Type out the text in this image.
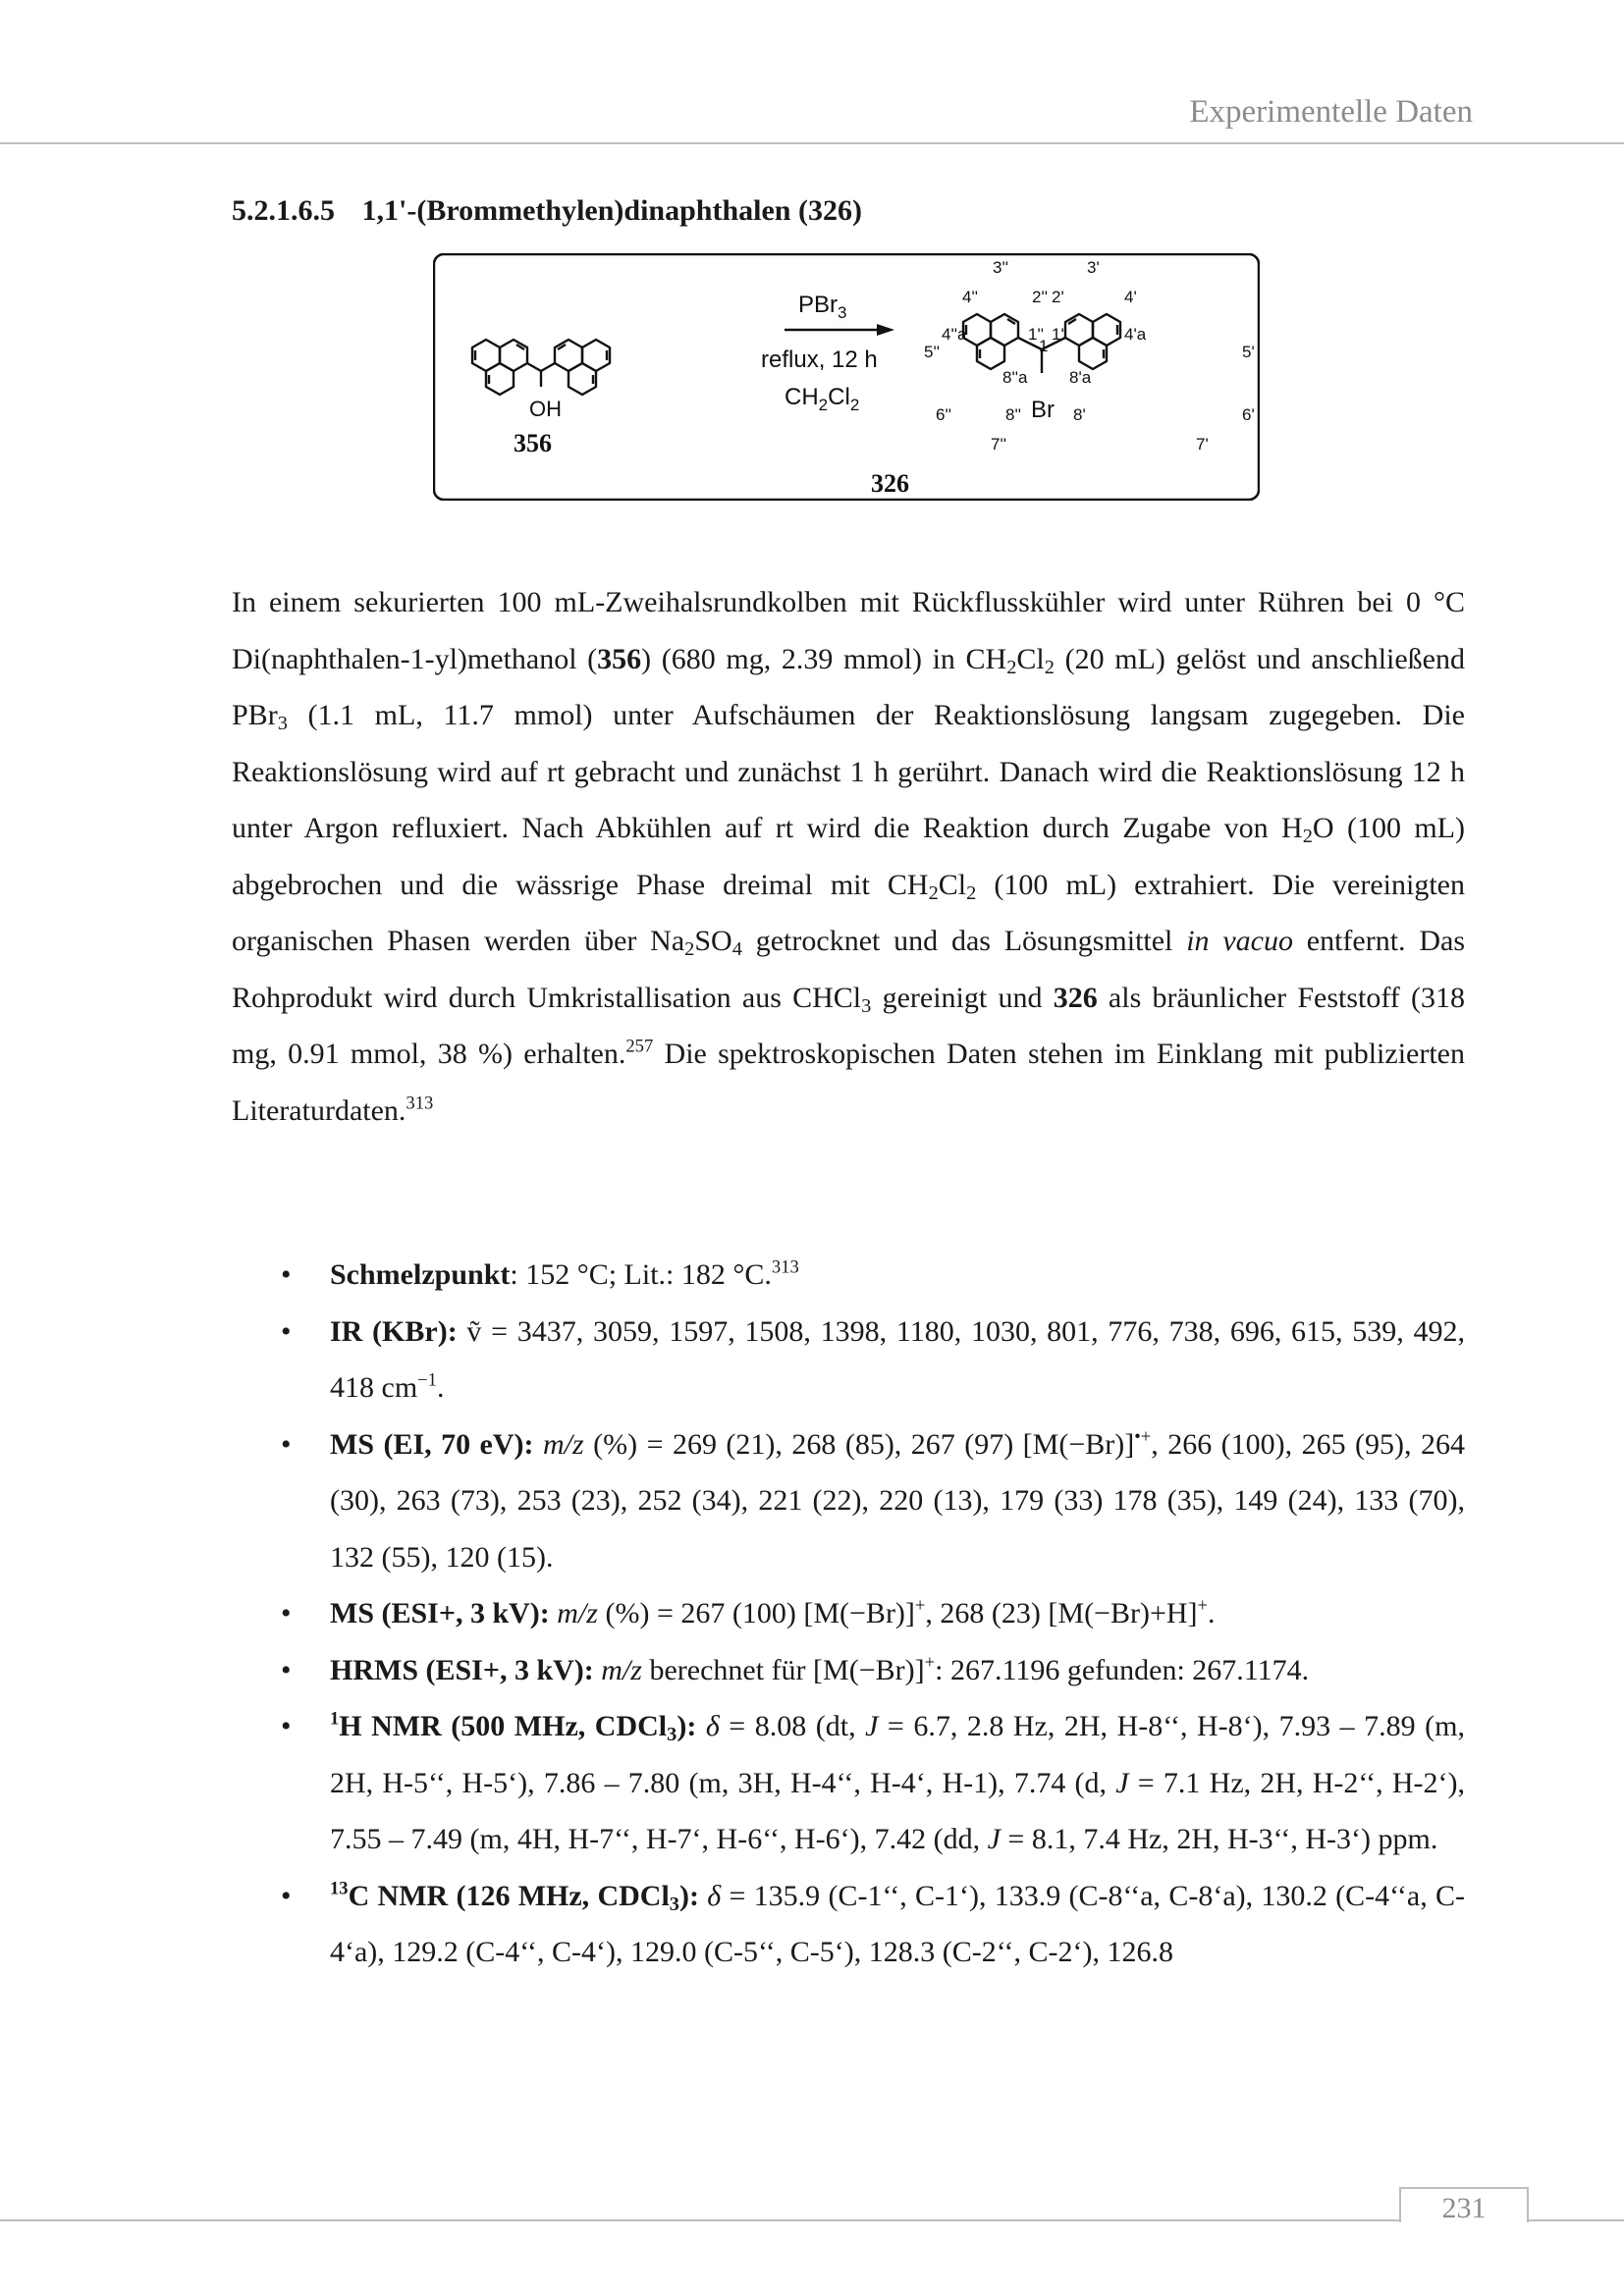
Experimentelle Daten
5.2.1.6.5 1,1'-(Brommethylen)dinaphthalen (326)
OH
356
PBr$_3$
reflux, 12 h
$CH_2Cl_2$	Br
326
3''	3'
4''	2'' 2'	4'
4''a	1'' 1'	4'a
1
5''	5'
8''a	8'a
6''	8''	8'	6'
7''	7'

In einem sekurierten 100 mL-Zweihalsrundkolben mit Rückflusskühler wird unter Rühren bei 0 °C Di(naphthalen-1-yl)methanol (356) (680 mg, 2.39 mmol) in $CH_2Cl_2$ (20 mL) gelöst und anschließend PBr$_3$ (1.1 mL, 11.7 mmol) unter Aufschäumen der Reaktionslösung langsam zugegeben. Die Reaktionslösung wird auf rt gebracht und zunächst 1 h gerührt. Danach wird die Reaktionslösung 12 h unter Argon refluxiert. Nach Abkühlen auf rt wird die Reaktion durch Zugabe von $H_2O$ (100 mL) abgebrochen und die wässrige Phase dreimal mit $CH_2Cl_2$ (100 mL) extrahiert. Die vereinigten organischen Phasen werden über $Na_2SO_4$ getrocknet und das Lösungsmittel in vacuo entfernt. Das Rohprodukt wird durch Umkristallisation aus CHCl$_3$ gereinigt und 326 als bräunlicher Feststoff (318 mg, 0.91 mmol, 38 %) erhalten.$^{257}$ Die spektroskopischen Daten stehen im Einklang mit publizierten Literaturdaten.$^{313}$

• Schmelzpunkt: 152 °C; Lit.: 182 °C.$^{313}$
• IR (KBr): ṽ = 3437, 3059, 1597, 1508, 1398, 1180, 1030, 801, 776, 738, 696, 615, 539, 492, 418 $cm^{-1}$.
• MS (EI, 70 eV): m/z (%) = 269 (21), 268 (85), 267 (97) [M(−Br)]•+, 266 (100), 265 (95), 264 (30), 263 (73), 253 (23), 252 (34), 221 (22), 220 (13), 179 (33) 178 (35), 149 (24), 133 (70), 132 (55), 120 (15).
• MS (ESI+, 3 kV): m/z (%) = 267 (100) [M(−Br)]+, 268 (23) [M(−Br)+H]+.
• HRMS (ESI+, 3 kV): m/z berechnet für [M(−Br)]+: 267.1196 gefunden: 267.1174.
• $^1$H NMR (500 MHz, CDCl$_3$): δ = 8.08 (dt, J = 6.7, 2.8 Hz, 2H, H-8‘‘, H-8‘), 7.93 – 7.89 (m, 2H, H-5‘‘, H-5‘), 7.86 – 7.80 (m, 3H, H-4‘‘, H-4‘, H-1), 7.74 (d, J = 7.1 Hz, 2H, H-2‘‘, H-2‘), 7.55 – 7.49 (m, 4H, H-7‘‘, H-7‘, H-6‘‘, H-6‘), 7.42 (dd, J = 8.1, 7.4 Hz, 2H, H-3‘‘, H-3‘) ppm.
• $^{13}$C NMR (126 MHz, CDCl$_3$): δ = 135.9 (C-1‘‘, C-1‘), 133.9 (C-8‘‘a, C-8‘a), 130.2 (C-4‘‘a, C-4‘a), 129.2 (C-4‘‘, C-4‘), 129.0 (C-5‘‘, C-5‘), 128.3 (C-2‘‘, C-2‘), 126.8
231
